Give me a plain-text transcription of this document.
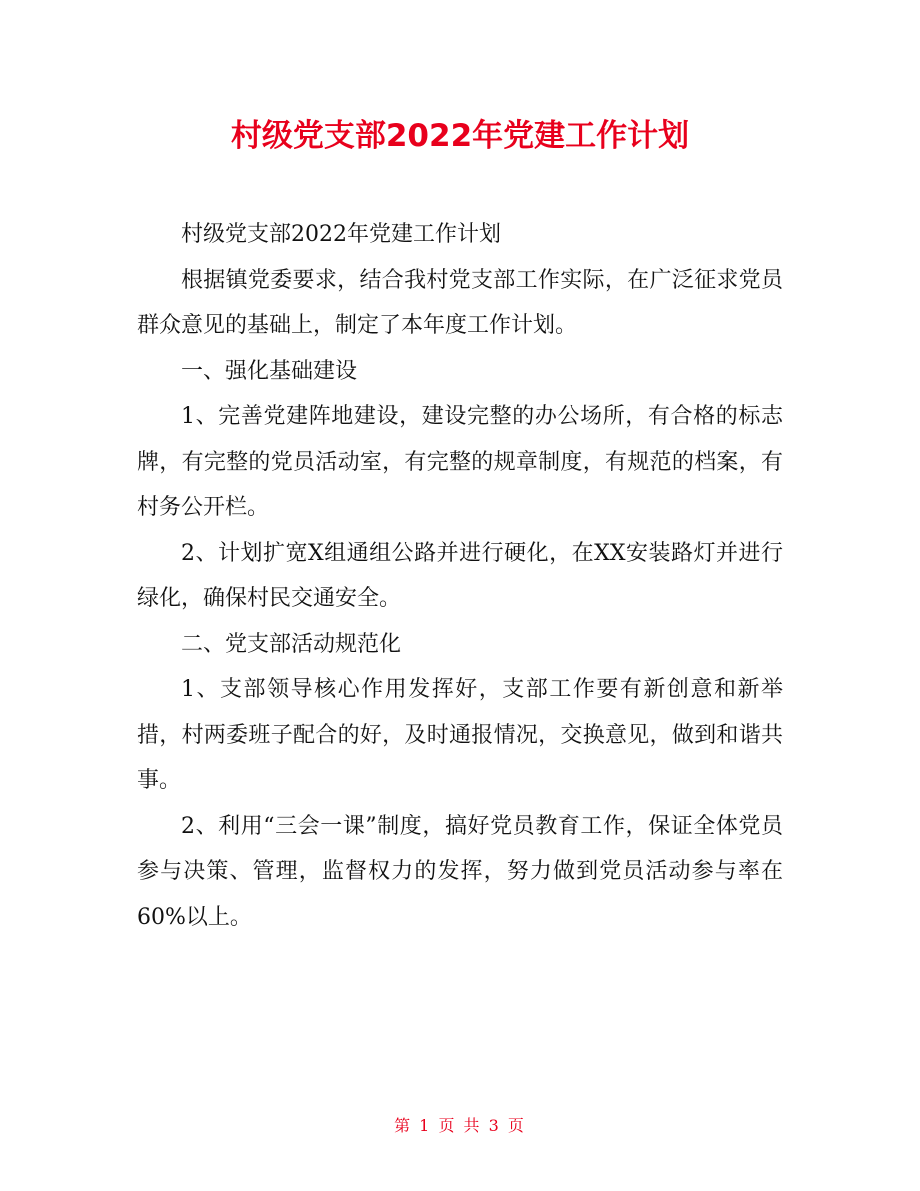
村级党支部2022年党建工作计划

村级党支部2022年党建工作计划

根据镇党委要求，结合我村党支部工作实际，在广泛征求党员群众意见的基础上，制定了本年度工作计划。

一、强化基础建设

1、完善党建阵地建设，建设完整的办公场所，有合格的标志牌，有完整的党员活动室，有完整的规章制度，有规范的档案，有村务公开栏。

2、计划扩宽X组通组公路并进行硬化，在XX安装路灯并进行绿化，确保村民交通安全。

二、党支部活动规范化

1、支部领导核心作用发挥好，支部工作要有新创意和新举措，村两委班子配合的好，及时通报情况，交换意见，做到和谐共事。

2、利用“三会一课”制度，搞好党员教育工作，保证全体党员参与决策、管理，监督权力的发挥，努力做到党员活动参与率在60%以上。

第 1 页 共 3 页
